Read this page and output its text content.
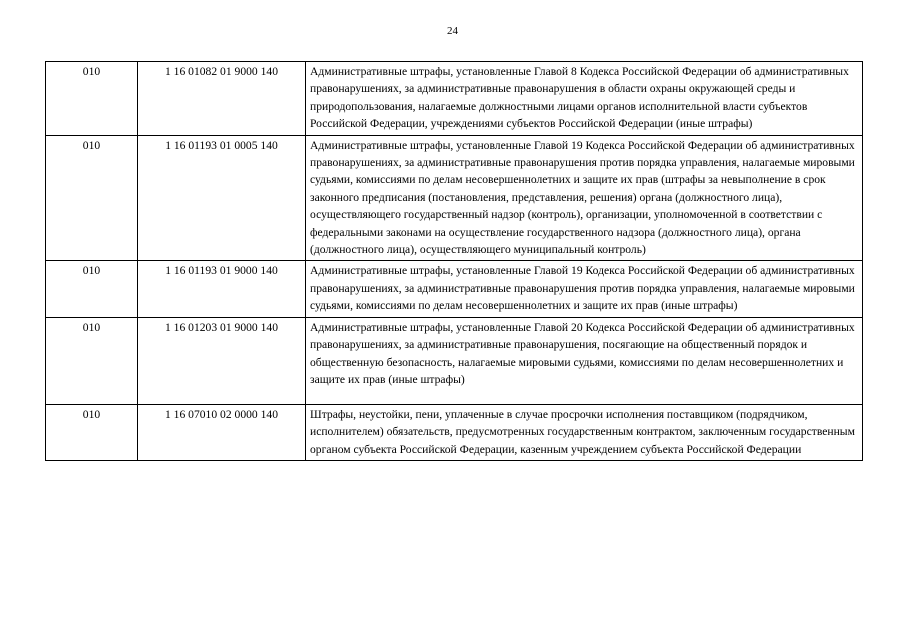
24
010	1 16 01082 01 9000 140	Административные штрафы, установленные Главой 8 Кодекса Российской Федерации об административных правонарушениях, за административные правонарушения в области охраны окружающей среды и природопользования, налагаемые должностными лицами органов исполнительной власти субъектов Российской Федерации, учреждениями субъектов Российской Федерации (иные штрафы)
010	1 16 01193 01 0005 140	Административные штрафы, установленные Главой 19 Кодекса Российской Федерации об административных правонарушениях, за административные правонарушения против порядка управления, налагаемые мировыми судьями, комиссиями по делам несовершеннолетних и защите их прав (штрафы за невыполнение в срок законного предписания (постановления, представления, решения) органа (должностного лица), осуществляющего государственный надзор (контроль), организации, уполномоченной в соответствии с федеральными законами на осуществление государственного надзора (должностного лица), органа (должностного лица), осуществляющего муниципальный контроль)
010	1 16 01193 01 9000 140	Административные штрафы, установленные Главой 19 Кодекса Российской Федерации об административных правонарушениях, за административные правонарушения против порядка управления, налагаемые мировыми судьями, комиссиями по делам несовершеннолетних и защите их прав (иные штрафы)
010	1 16 01203 01 9000 140	Административные штрафы, установленные Главой 20 Кодекса Российской Федерации об административных правонарушениях, за административные правонарушения, посягающие на общественный порядок и общественную безопасность, налагаемые мировыми судьями, комиссиями по делам несовершеннолетних и защите их прав (иные штрафы)
010	1 16 07010 02 0000 140	Штрафы, неустойки, пени, уплаченные в случае просрочки исполнения поставщиком (подрядчиком, исполнителем) обязательств, предусмотренных государственным контрактом, заключенным государственным органом субъекта Российской Федерации, казенным учреждением субъекта Российской Федерации
